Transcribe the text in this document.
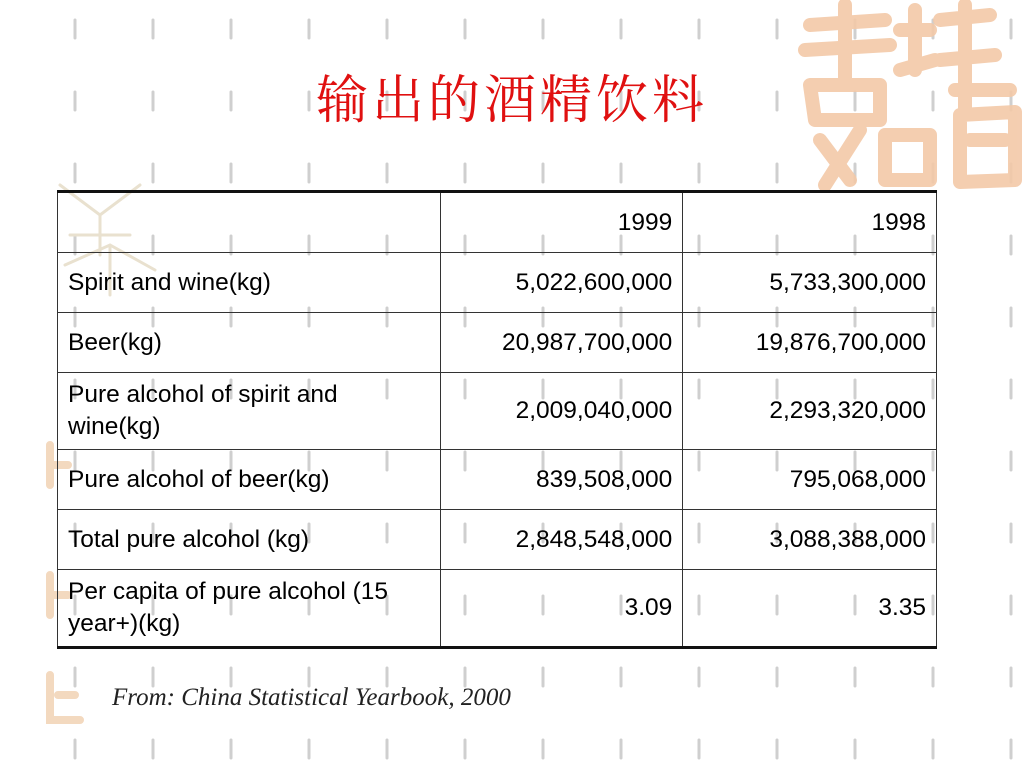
输出的酒精饮料
	1999	1998
Spirit and wine(kg)	5,022,600,000	5,733,300,000
Beer(kg)	20,987,700,000	19,876,700,000
Pure alcohol of spirit and wine(kg)	2,009,040,000	2,293,320,000
Pure alcohol of beer(kg)	839,508,000	795,068,000
Total pure alcohol (kg)	2,848,548,000	3,088,388,000
Per capita of pure alcohol (15 year+)(kg)	3.09	3.35
From: China Statistical Yearbook, 2000
